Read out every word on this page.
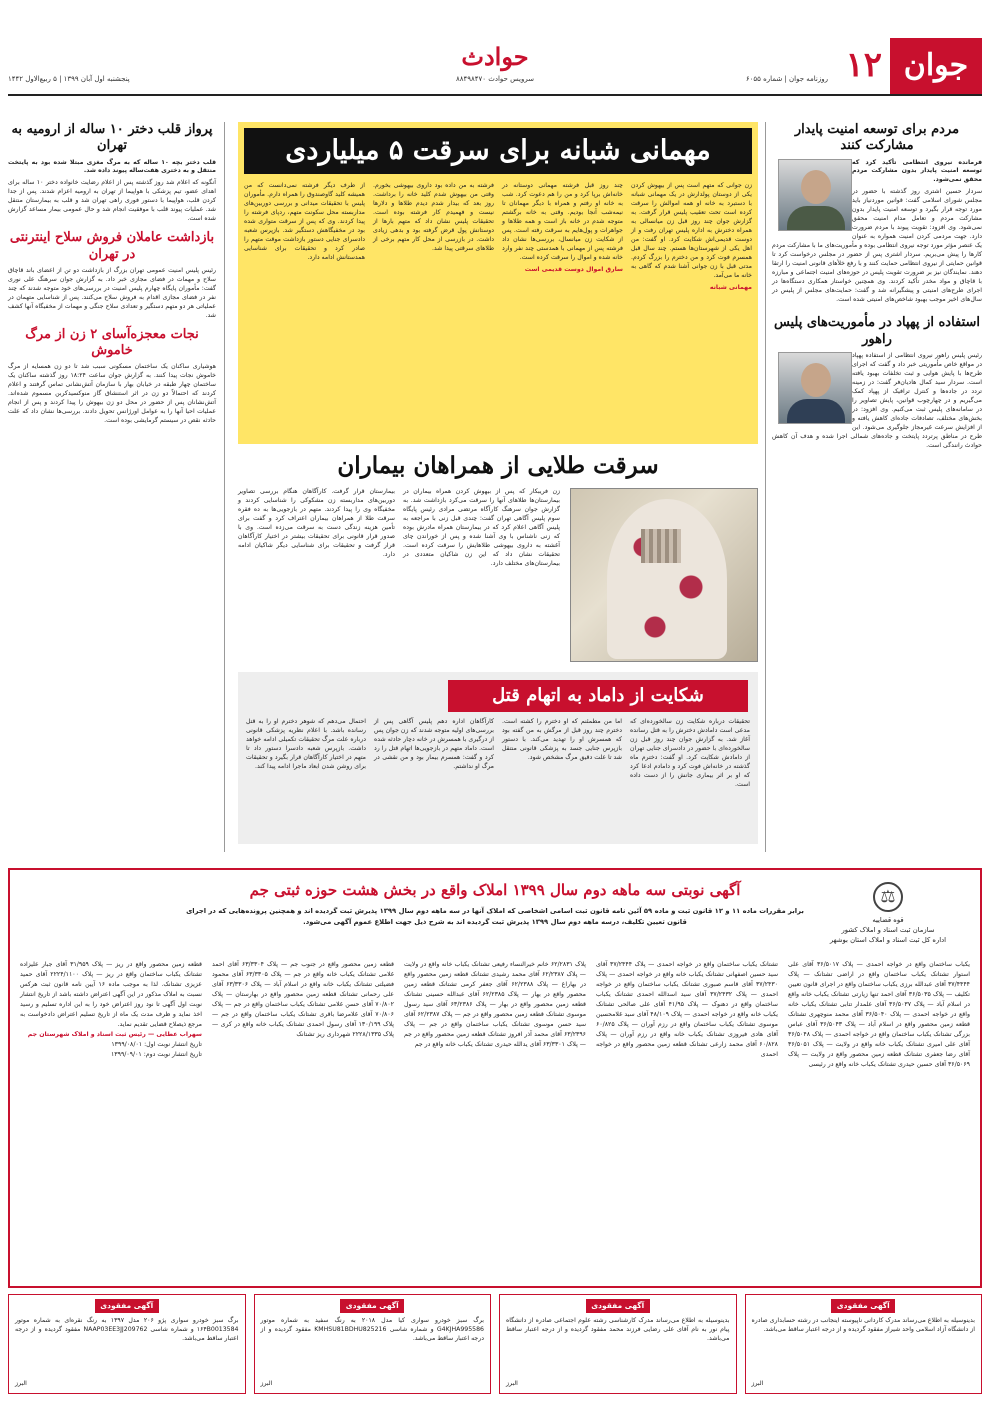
جوان
۱۲
روزنامه جوان | شماره ۶۰۵۵
حوادث
سرویس حوادث ۸۸۴۹۸۴۷۰
پنجشنبه اول آبان ۱۳۹۹ | ۵ ربیع‌الاول ۱۴۴۲
مردم برای توسعه امنیت پایدار مشارکت کنند

فرمانده نیروی انتظامی تأکید کرد که توسعه امنیت پایدار بدون مشارکت مردم محقق نمی‌شود.

سردار حسین اشتری روز گذشته با حضور در مجلس شورای اسلامی گفت: قوانین موردنیاز باید مورد توجه قرار بگیرد و توسعه امنیت پایدار بدون مشارکت مردم و تعامل مدام امنیت محقق نمی‌شود. وی افزود: تقویت پیوند با مردم ضرورت دارد. جهت مردمی کردن امنیت همواره به عنوان یک عنصر مؤثر مورد توجه نیروی انتظامی بوده و مأموریت‌های ما با مشارکت مردم کارها را پیش می‌بریم. سردار اشتری پس از حضور در مجلس درخواست کرد تا قوانین حمایتی از نیروی انتظامی حمایت کنند و با رفع خلأهای قانونی امنیت را ارتقا دهند. نمایندگان نیز بر ضرورت تقویت پلیس در حوزه‌های امنیت اجتماعی و مبارزه با قاچاق و مواد مخدر تأکید کردند. وی همچنین خواستار همکاری دستگاه‌ها در اجرای طرح‌های امنیتی و پیشگیرانه شد و گفت: حمایت‌های مجلس از پلیس در سال‌های اخیر موجب بهبود شاخص‌های امنیتی شده است.

استفاده از پهپاد در مأموریت‌های پلیس راهور

رئیس پلیس راهور نیروی انتظامی از استفاده پهپاد در مواقع خاص مأموریتی خبر داد و گفت که اجرای طرح‌ها با پایش هوایی و ثبت تخلفات بهبود یافته است. سردار سید کمال هادیان‌فر گفت: در زمینه تردد در جاده‌ها و کنترل ترافیک از پهپاد کمک می‌گیریم و در چهارچوب قوانین، پایش تصاویر را در سامانه‌های پلیس ثبت می‌کنیم. وی افزود: در بخش‌های مختلف، تصادفات جاده‌ای کاهش یافته و از افزایش سرعت غیرمجاز جلوگیری می‌شود. این طرح در مناطق پرتردد پایتخت و جاده‌های شمالی اجرا شده و هدف آن کاهش حوادث رانندگی است.

مهمانی شبانه برای سرقت ۵ میلیاردی

زن جوانی که متهم است پس از بیهوش کردن یکی از دوستان پولدارش در یک مهمانی شبانه با دستبرد به خانه او همه اموالش را سرقت کرده است تحت تعقیب پلیس قرار گرفت. به گزارش جوان چند روز قبل زن میانسالی به همراه دخترش به اداره پلیس تهران رفت و از دوست قدیمی‌اش شکایت کرد. او گفت: من اهل یکی از شهرستان‌ها هستم. چند سال قبل همسرم فوت کرد و من دخترم را بزرگ کردم. مدتی قبل با زن جوانی آشنا شدم که گاهی به خانه ما می‌آمد.

مهمانی شبانه

چند روز قبل فرشته مهمانی دوستانه در خانه‌اش برپا کرد و من را هم دعوت کرد. شب به خانه او رفتم و همراه با دیگر مهمانان تا نیمه‌شب آنجا بودیم. وقتی به خانه برگشتم متوجه شدم در خانه باز است و همه طلاها و جواهرات و پول‌هایم به سرقت رفته است. پس از شکایت زن میانسال، بررسی‌ها نشان داد فرشته پس از مهمانی با همدستی چند نفر وارد خانه شده و اموال را سرقت کرده است.

سارق اموال دوست قدیمی است

فرشته به من داده بود داروی بیهوشی بخورم. وقتی من بیهوش شدم کلید خانه را برداشت. روز بعد که بیدار شدم دیدم طلاها و دلارها نیست و فهمیدم کار فرشته بوده است. تحقیقات پلیس نشان داد که متهم بارها از دوستانش پول قرض گرفته بود و بدهی زیادی داشت. در بازرسی از محل کار متهم برخی از طلاهای سرقتی پیدا شد.

از طرف دیگر فرشته نمی‌دانست که من همیشه کلید گاوصندوق را همراه دارم. مأموران پلیس با تحقیقات میدانی و بررسی دوربین‌های مداربسته محل سکونت متهم، ردپای فرشته را پیدا کردند. وی که پس از سرقت متواری شده بود در مخفیگاهش دستگیر شد. بازپرس شعبه دادسرای جنایی دستور بازداشت موقت متهم را صادر کرد و تحقیقات برای شناسایی همدستانش ادامه دارد.

سرقت طلایی از همراهان بیماران

زن فریبکار که پس از بیهوش کردن همراه بیماران در بیمارستان‌ها طلاهای آنها را سرقت می‌کرد بازداشت شد. به گزارش جوان سرهنگ کارآگاه مرتضی مرادی رئیس پایگاه سوم پلیس آگاهی تهران گفت: چندی قبل زنی با مراجعه به پلیس آگاهی اعلام کرد که در بیمارستان همراه مادرش بوده که زنی ناشناس با وی آشنا شده و پس از خوراندن چای آغشته به داروی بیهوشی طلاهایش را سرقت کرده است. تحقیقات نشان داد که این زن شاکیان متعددی در بیمارستان‌های مختلف دارد.

بیمارستان قرار گرفت. کارآگاهان هنگام بررسی تصاویر دوربین‌های مداربسته زن مشکوکی را شناسایی کردند و مخفیگاه وی را پیدا کردند. متهم در بازجویی‌ها به ده فقره سرقت طلا از همراهان بیماران اعتراف کرد و گفت برای تأمین هزینه زندگی دست به سرقت می‌زده است. وی با صدور قرار قانونی برای تحقیقات بیشتر در اختیار کارآگاهان قرار گرفت و تحقیقات برای شناسایی دیگر شاکیان ادامه دارد.

شکایت از داماد به اتهام قتل

تحقیقات درباره شکایت زن سالخورده‌ای که مدعی است دامادش دخترش را به قتل رسانده آغاز شد. به گزارش جوان چند روز قبل زن سالخورده‌ای با حضور در دادسرای جنایی تهران از دامادش شکایت کرد. او گفت: دخترم ماه گذشته در خانه‌اش فوت کرد و دامادم ادعا کرد که او بر اثر بیماری جانش را از دست داده است.

اما من مطمئنم که او دخترم را کشته است. دخترم چند روز قبل از مرگش به من گفته بود که همسرش او را تهدید می‌کند. با دستور بازپرس جنایی جسد به پزشکی قانونی منتقل شد تا علت دقیق مرگ مشخص شود.

کارآگاهان اداره دهم پلیس آگاهی پس از بررسی‌های اولیه متوجه شدند که زن جوان پس از درگیری با همسرش در خانه دچار حادثه شده است. داماد متهم در بازجویی‌ها اتهام قتل را رد کرد و گفت: همسرم بیمار بود و من نقشی در مرگ او نداشتم.

احتمال می‌دهم که شوهر دخترم او را به قتل رسانده باشد. با اعلام نظریه پزشکی قانونی درباره علت مرگ تحقیقات تکمیلی ادامه خواهد داشت. بازپرس شعبه دادسرا دستور داد تا متهم در اختیار کارآگاهان قرار بگیرد و تحقیقات برای روشن شدن ابعاد ماجرا ادامه پیدا کند.

پرواز قلب دختر ۱۰ ساله از ارومیه به تهران

قلب دختر بچه ۱۰ ساله که به مرگ مغزی مبتلا شده بود به پایتخت منتقل و به دختری هفت‌ساله پیوند داده شد.

آنگونه که اعلام شد روز گذشته پس از اعلام رضایت خانواده دختر ۱۰ ساله برای اهدای عضو، تیم پزشکی با هواپیما از تهران به ارومیه اعزام شدند. پس از جدا کردن قلب، هواپیما با دستور فوری راهی تهران شد و قلب به بیمارستان منتقل شد. عملیات پیوند قلب با موفقیت انجام شد و حال عمومی بیمار مساعد گزارش شده است.

بازداشت عاملان فروش سلاح اینترنتی در تهران

رئیس پلیس امنیت عمومی تهران بزرگ از بازداشت دو تن از اعضای باند قاچاق سلاح و مهمات در فضای مجازی خبر داد. به گزارش جوان سرهنگ علی نوری گفت: مأموران پایگاه چهارم پلیس امنیت در بررسی‌های خود متوجه شدند که چند نفر در فضای مجازی اقدام به فروش سلاح می‌کنند. پس از شناسایی متهمان در عملیاتی هر دو متهم دستگیر و تعدادی سلاح جنگی و مهمات از مخفیگاه آنها کشف شد.

نجات معجزه‌آسای ۲ زن از مرگ خاموش

هوشیاری ساکنان یک ساختمان مسکونی سبب شد تا دو زن همسایه از مرگ خاموش نجات پیدا کنند. به گزارش جوان ساعت ۱۸:۲۴ روز گذشته ساکنان یک ساختمان چهار طبقه در خیابان بهار با سازمان آتش‌نشانی تماس گرفتند و اعلام کردند که احتمالاً دو زن در اثر استنشاق گاز منوکسیدکربن مسموم شده‌اند. آتش‌نشانان پس از حضور در محل دو زن بیهوش را پیدا کردند و پس از انجام عملیات احیا آنها را به عوامل اورژانس تحویل دادند. بررسی‌ها نشان داد که علت حادثه نقص در سیستم گرمایشی بوده است.

⚖
قوه قضاییه
سازمان ثبت اسناد و املاک کشور
اداره کل ثبت اسناد و املاک استان بوشهر
آگهی نوبتی سه ماهه دوم سال ۱۳۹۹ املاک واقع در بخش هشت حوزه ثبتی جم
برابر مقررات ماده ۱۱ و ۱۲ قانون ثبت و ماده ۵۹ آئین نامه قانون ثبت اسامی اشخاصی که املاک آنها در سه ماهه دوم سال ۱۳۹۹ پذیرش ثبت گردیده اند و همچنین پرونده‌هایی که در اجرای قانون تعیین تکلیف، درسه ماهه دوم سال ۱۳۹۹ پذیرش ثبت گردیده اند به شرح ذیل جهت اطلاع عموم آگهی می‌شود.
یکباب ساختمان واقع در خواجه احمدی — پلاک ۳۶/۵۰۱۷ آقای علی استوار تشتانک یکباب ساختمان واقع در اراضی تشتانک — پلاک ۳۷/۴۴۴۴ آقای عبدالله برزی یکباب ساختمان واقع در اجرای قانون تعیین تکلیف — پلاک ۳۶/۵۰۳۵ آقای احمد تنها زیارتی تشتانک یکباب خانه واقع در اسلام آباد — پلاک ۳۶/۵۰۳۷ آقای علمدار تتابی تشتانک یکباب خانه واقع در خواجه احمدی — پلاک ۳۶/۵۰۴۰ آقای محمد منوچهری تشتانک قطعه زمین محصور واقع در اسلام آباد — پلاک ۳۶/۵۰۴۳ آقای عباس بزرگی تشتانک یکباب ساختمان واقع در خواجه احمدی — پلاک ۳۶/۵۰۴۸ آقای علی امیری تشتانک یکباب خانه واقع در ولایت — پلاک ۳۶/۵۰۵۱ آقای رضا جعفری تشتانک قطعه زمین محصور واقع در ولایت — پلاک ۳۶/۵۰۶۹ آقای حسین حیدری تشتانک یکباب خانه واقع در رئیسی
تشتانک یکباب ساختمان واقع در خواجه احمدی — پلاک ۳۷/۲۴۴۴ آقای سید حسین اصفهانی تشتانک یکباب خانه واقع در خواجه احمدی — پلاک ۳۷/۲۴۳۰ آقای قاسم صبوری تشتانک یکباب ساختمان واقع در خواجه احمدی — پلاک ۳۷/۲۴۳۲ آقای سید اسدالله احمدی تشتانک یکباب ساختمان واقع در دهنوک — پلاک ۴۱/۹۵ آقای علی صالحی تشتانک یکباب خانه واقع در خواجه احمدی — پلاک ۴۸/۱۰۹ آقای سید غلامحسین موسوی تشتانک یکباب ساختمان واقع در رزم آوران — پلاک ۶۰/۸۲۵ آقای هادی فیروزی تشتانک یکباب خانه واقع در رزم آوران — پلاک ۶۰/۸۲۸ آقای محمد زارعی تشتانک قطعه زمین محصور واقع در خواجه احمدی
پلاک ۶۲/۲۸۳۱ خانم خیرالنساء رفیعی تشتانک یکباب خانه واقع در ولایت — پلاک ۶۲/۲۳۸۷ آقای محمد رشیدی تشتانک قطعه زمین محصور واقع در بهاراغ — پلاک ۶۲/۲۳۸۸ آقای جعفر کرمی تشتانک قطعه زمین محصور واقع در بهار — پلاک ۶۲/۲۳۸۵ آقای عبدالله حسینی تشتانک قطعه زمین محصور واقع در بهار — پلاک ۶۳/۲۳۸۶ آقای سید رسول موسوی تشتانک قطعه زمین محصور واقع در جم — پلاک ۶۲/۲۳۸۷ آقای سید حسن موسوی تشتانک یکباب ساختمان واقع در جم — پلاک ۶۳/۲۳۹۶ آقای محمد آذر افروز تشتانک قطعه زمین محصور واقع در جم — پلاک ۶۳/۳۳۰۱ آقای یدالله حیدری تشتانک یکباب خانه واقع در جم
قطعه زمین محصور واقع در جنوب جم — پلاک ۶۳/۳۳۰۴ آقای احمد غلامی تشتانک یکباب خانه واقع در جم — پلاک ۶۳/۳۳۰۵ آقای محمود فضیلتی تشتانک یکباب خانه واقع در اسلام آباد — پلاک ۶۳/۳۳۰۶ آقای علی رحمانی تشتانک قطعه زمین محصور واقع در بهارستان — پلاک ۷۰/۸۰۲ آقای حسن غلامی تشتانک یکباب ساختمان واقع در جم — پلاک ۷۰/۸۰۶ آقای غلامرضا باقری تشتانک یکباب ساختمان واقع در جم — پلاک ۱۳۰/۱۹۹ آقای رسول احمدی تشتانک یکباب خانه واقع در کری — پلاک ۲۲۲۸/۱۳۳۵ شهرداری ریز تشتانک

قطعه زمین محصور واقع در ریز — پلاک ۳۱/۹۵۹ آقای جبار علیزاده تشتانک یکباب ساختمان واقع در ریز — پلاک ۲۲۲۴/۱۱۰۰ آقای حمید عزیزی تشتانک. لذا به موجب ماده ۱۶ آیین نامه قانون ثبت هرکس نسبت به املاک مذکور در این آگهی اعتراض داشته باشد از تاریخ انتشار نوبت اول آگهی تا نود روز اعتراض خود را به این اداره تسلیم و رسید اخذ نماید و ظرف مدت یک ماه از تاریخ تسلیم اعتراض دادخواست به مرجع ذیصلاح قضایی تقدیم نماید.

سهراب عطایی — رئیس ثبت اسناد و املاک شهرستان جم

تاریخ انتشار نوبت اول: ۱۳۹۹/۰۸/۰۱

تاریخ انتشار نوبت دوم: ۱۳۹۹/۰۹/۰۱

آگهی مفقودی

بدینوسیله به اطلاع می‌رساند مدرک کاردانی ناپیوسته اینجانب در رشته حسابداری صادره از دانشگاه آزاد اسلامی واحد شیراز مفقود گردیده و از درجه اعتبار ساقط می‌باشد.

البرز
آگهی مفقودی

بدینوسیله به اطلاع می‌رساند مدرک کارشناسی رشته علوم اجتماعی صادره از دانشگاه پیام نور به نام آقای علی رضایی فرزند محمد مفقود گردیده و از درجه اعتبار ساقط می‌باشد.

البرز
آگهی مفقودی

برگ سبز خودرو سواری کیا مدل ۲۰۱۸ به رنگ سفید به شماره موتور G4KJHA995586 و شماره شاسی KMHSU81BDHU825216 مفقود گردیده و از درجه اعتبار ساقط می‌باشد.

البرز
آگهی مفقودی

برگ سبز خودرو سواری پژو ۲۰۶ مدل ۱۳۹۷ به رنگ نقره‌ای به شماره موتور ۱۶۴B0013584 و شماره شاسی NAAP03EE3JJ209762 مفقود گردیده و از درجه اعتبار ساقط می‌باشد.

البرز
